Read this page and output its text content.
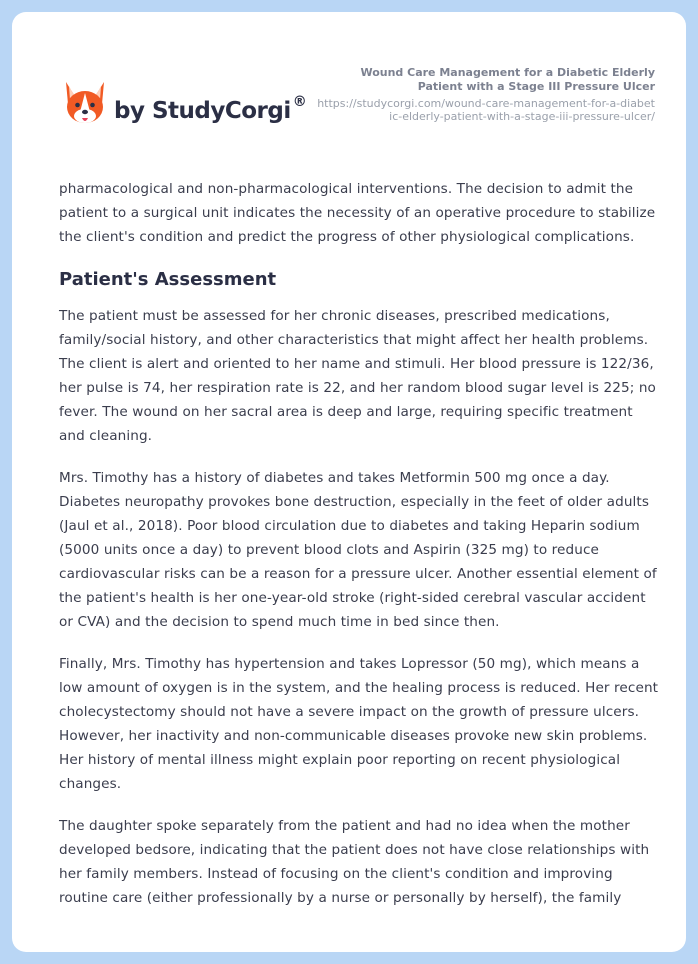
by StudyCorgi ®
Wound Care Management for a Diabetic Elderly Patient with a Stage III Pressure Ulcer
https://studycorgi.com/wound-care-management-for-a-diabetic-elderly-patient-with-a-stage-iii-pressure-ulcer/

pharmacological and non-pharmacological interventions. The decision to admit the patient to a surgical unit indicates the necessity of an operative procedure to stabilize the client's condition and predict the progress of other physiological complications.

Patient's Assessment

The patient must be assessed for her chronic diseases, prescribed medications, family/social history, and other characteristics that might affect her health problems. The client is alert and oriented to her name and stimuli. Her blood pressure is 122/36, her pulse is 74, her respiration rate is 22, and her random blood sugar level is 225; no fever. The wound on her sacral area is deep and large, requiring specific treatment and cleaning.

Mrs. Timothy has a history of diabetes and takes Metformin 500 mg once a day. Diabetes neuropathy provokes bone destruction, especially in the feet of older adults (Jaul et al., 2018). Poor blood circulation due to diabetes and taking Heparin sodium (5000 units once a day) to prevent blood clots and Aspirin (325 mg) to reduce cardiovascular risks can be a reason for a pressure ulcer. Another essential element of the patient's health is her one-year-old stroke (right-sided cerebral vascular accident or CVA) and the decision to spend much time in bed since then.

Finally, Mrs. Timothy has hypertension and takes Lopressor (50 mg), which means a low amount of oxygen is in the system, and the healing process is reduced. Her recent cholecystectomy should not have a severe impact on the growth of pressure ulcers. However, her inactivity and non-communicable diseases provoke new skin problems. Her history of mental illness might explain poor reporting on recent physiological changes.

The daughter spoke separately from the patient and had no idea when the mother developed bedsore, indicating that the patient does not have close relationships with her family members. Instead of focusing on the client's condition and improving routine care (either professionally by a nurse or personally by herself), the family
